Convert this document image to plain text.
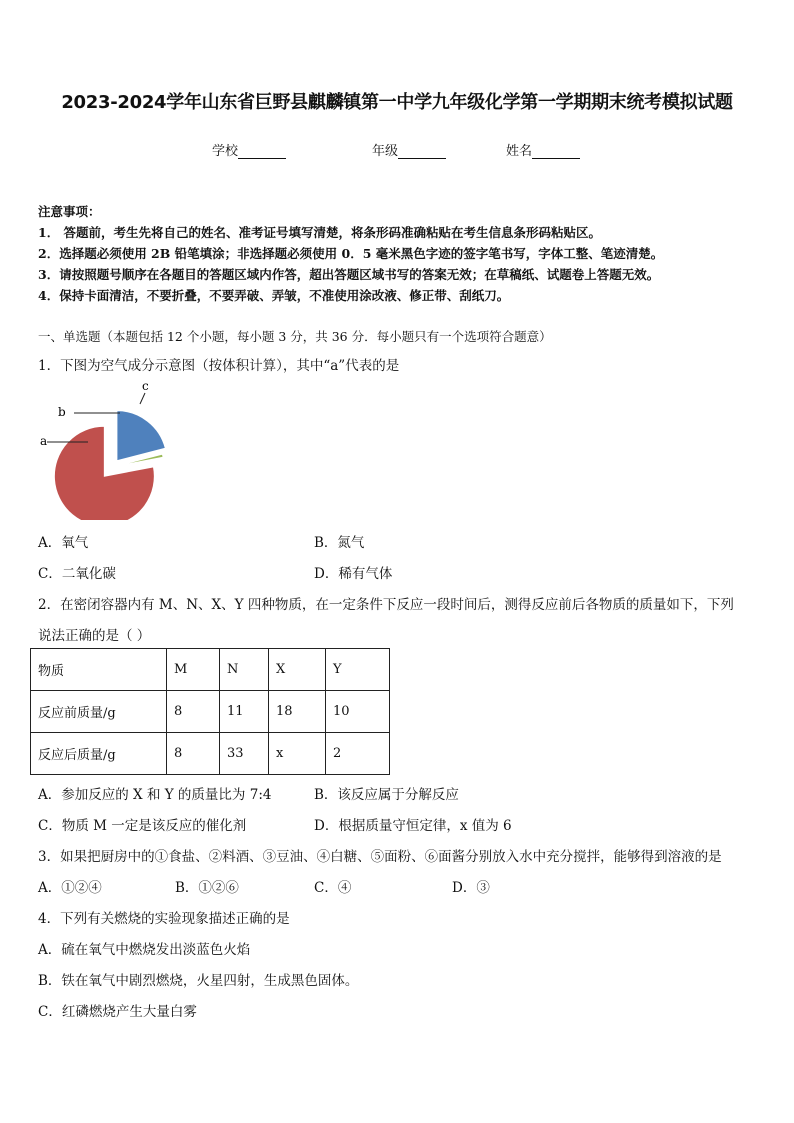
2023-2024学年山东省巨野县麒麟镇第一中学九年级化学第一学期期末统考模拟试题
学校	年级	姓名
注意事项：
1． 答题前，考生先将自己的姓名、准考证号填写清楚，将条形码准确粘贴在考生信息条形码粘贴区。
2．选择题必须使用 2B 铅笔填涂；非选择题必须使用 0．5 毫米黑色字迹的签字笔书写，字体工整、笔迹清楚。
3．请按照题号顺序在各题目的答题区域内作答，超出答题区域书写的答案无效；在草稿纸、试题卷上答题无效。
4．保持卡面清洁，不要折叠，不要弄破、弄皱，不准使用涂改液、修正带、刮纸刀。
一、单选题（本题包括 12 个小题，每小题 3 分，共 36 分．每小题只有一个选项符合题意）
1．下图为空气成分示意图（按体积计算），其中“a”代表的是
a
b
c
A．氧气	B．氮气
C．二氧化碳	D．稀有气体
2．在密闭容器内有 M、N、X、Y 四种物质，在一定条件下反应一段时间后，测得反应前后各物质的质量如下，下列
说法正确的是（ ）
物质	M	N	X	Y
反应前质量/g	8	11	18	10
反应后质量/g	8	33	x	2
A．参加反应的 X 和 Y 的质量比为 7:4	B．该反应属于分解反应
C．物质 M 一定是该反应的催化剂	D．根据质量守恒定律，x 值为 6
3．如果把厨房中的①食盐、②料酒、③豆油、④白糖、⑤面粉、⑥面酱分别放入水中充分搅拌，能够得到溶液的是
A．①②④	B．①②⑥	C．④	D．③
4．下列有关燃烧的实验现象描述正确的是
A．硫在氧气中燃烧发出淡蓝色火焰
B．铁在氧气中剧烈燃烧，火星四射，生成黑色固体。
C．红磷燃烧产生大量白雾
